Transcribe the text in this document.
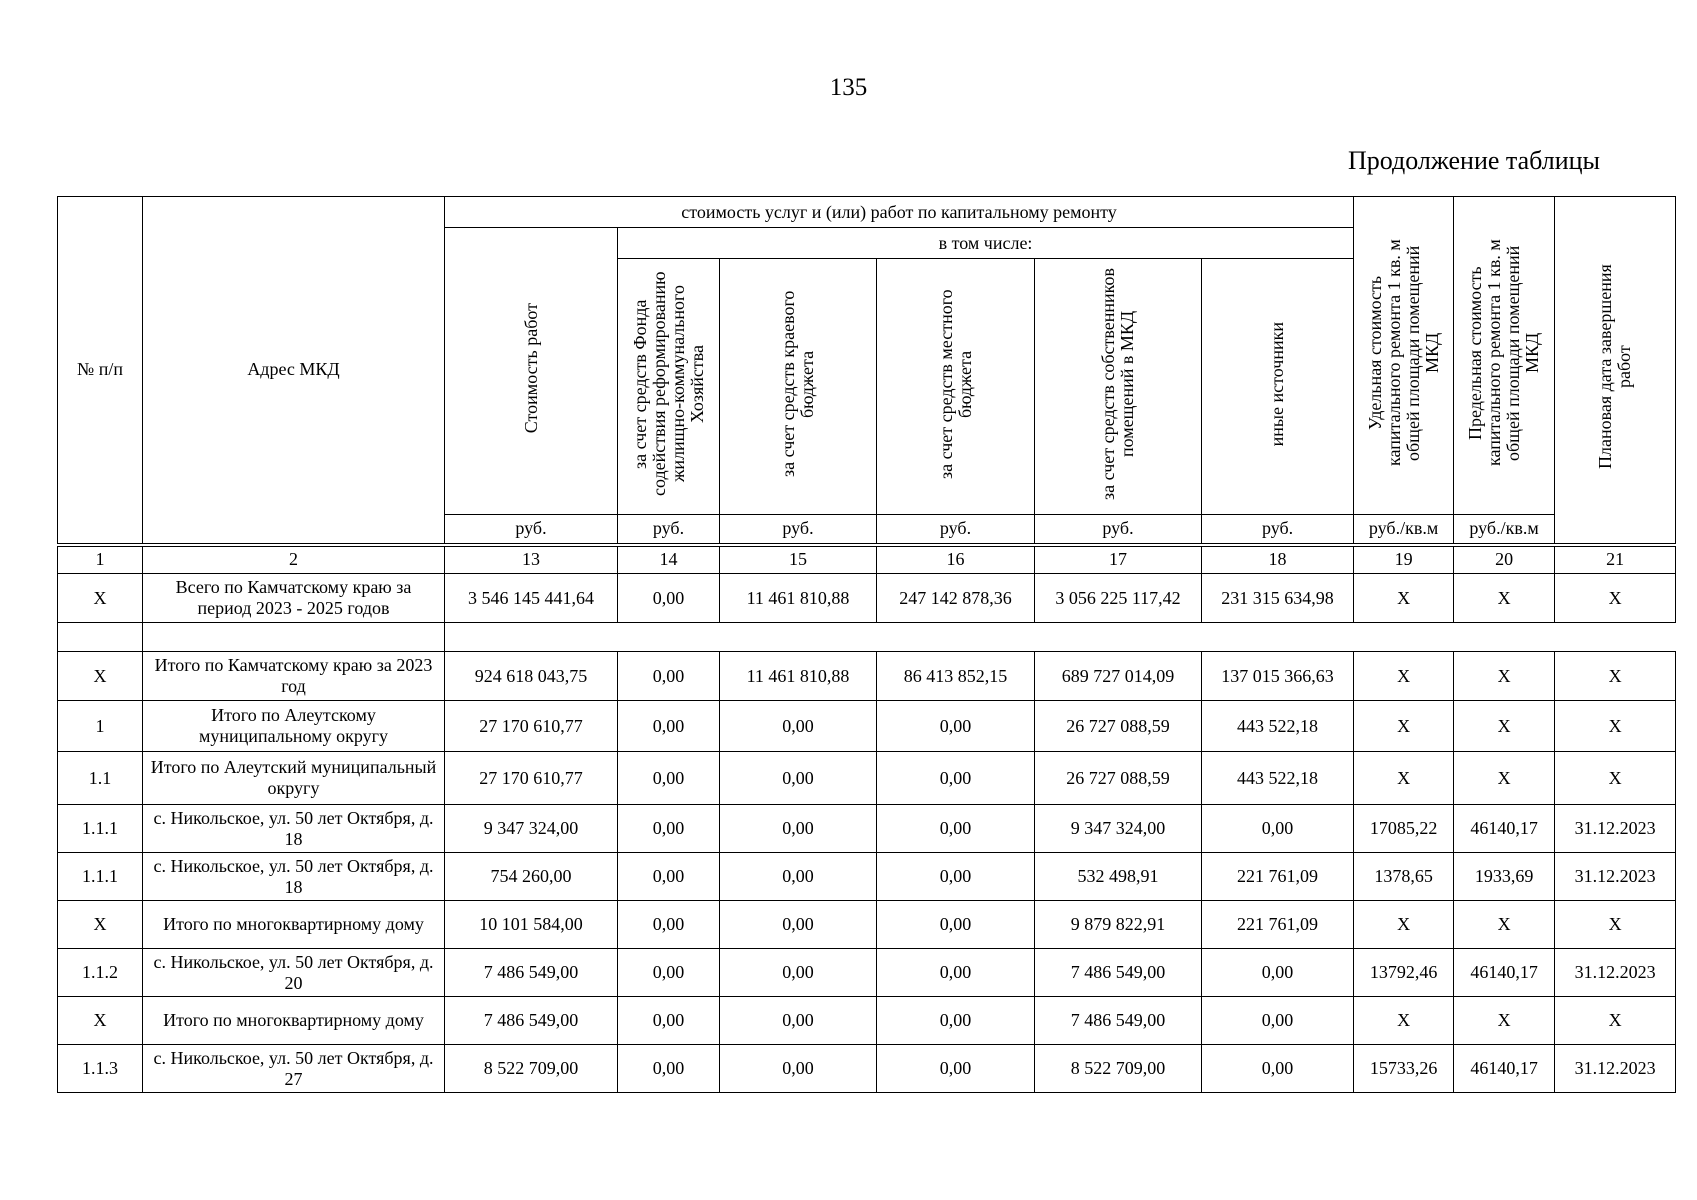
135
Продолжение таблицы
№ п/п	Адрес МКД	стоимость услуг и (или) работ по капитальному ремонту						Удельная стоимость капитального ремонта 1 кв. м общей площади помещений МКД	Предельная стоимость капитального ремонта 1 кв. м общей площади помещений МКД	Плановая дата завершения работ
		Стоимость работ	в том числе:							
			за счет средств Фонда содействия реформированию жилищно-коммунального Хозяйства	за счет средств краевого бюджета	за счет средств местного бюджета	за счет средств собственников помещений в МКД	иные источники			
		руб.	руб.	руб.	руб.	руб.	руб.	руб./кв.м	руб./кв.м	
1	2	13	14	15	16	17	18	19	20	21
X	Всего по Камчатскому краю за период 2023 - 2025 годов	3 546 145 441,64	0,00	11 461 810,88	247 142 878,36	3 056 225 117,42	231 315 634,98	X	X	X

X	Итого по Камчатскому краю за 2023 год	924 618 043,75	0,00	11 461 810,88	86 413 852,15	689 727 014,09	137 015 366,63	X	X	X
1	Итого по Алеутскому муниципальному округу	27 170 610,77	0,00	0,00	0,00	26 727 088,59	443 522,18	X	X	X
1.1	Итого по Алеутский муниципальный округу	27 170 610,77	0,00	0,00	0,00	26 727 088,59	443 522,18	X	X	X
1.1.1	с. Никольское, ул. 50 лет Октября, д. 18	9 347 324,00	0,00	0,00	0,00	9 347 324,00	0,00	17085,22	46140,17	31.12.2023
1.1.1	с. Никольское, ул. 50 лет Октября, д. 18	754 260,00	0,00	0,00	0,00	532 498,91	221 761,09	1378,65	1933,69	31.12.2023
X	Итого по многоквартирному дому	10 101 584,00	0,00	0,00	0,00	9 879 822,91	221 761,09	X	X	X
1.1.2	с. Никольское, ул. 50 лет Октября, д. 20	7 486 549,00	0,00	0,00	0,00	7 486 549,00	0,00	13792,46	46140,17	31.12.2023
X	Итого по многоквартирному дому	7 486 549,00	0,00	0,00	0,00	7 486 549,00	0,00	X	X	X
1.1.3	с. Никольское, ул. 50 лет Октября, д. 27	8 522 709,00	0,00	0,00	0,00	8 522 709,00	0,00	15733,26	46140,17	31.12.2023
